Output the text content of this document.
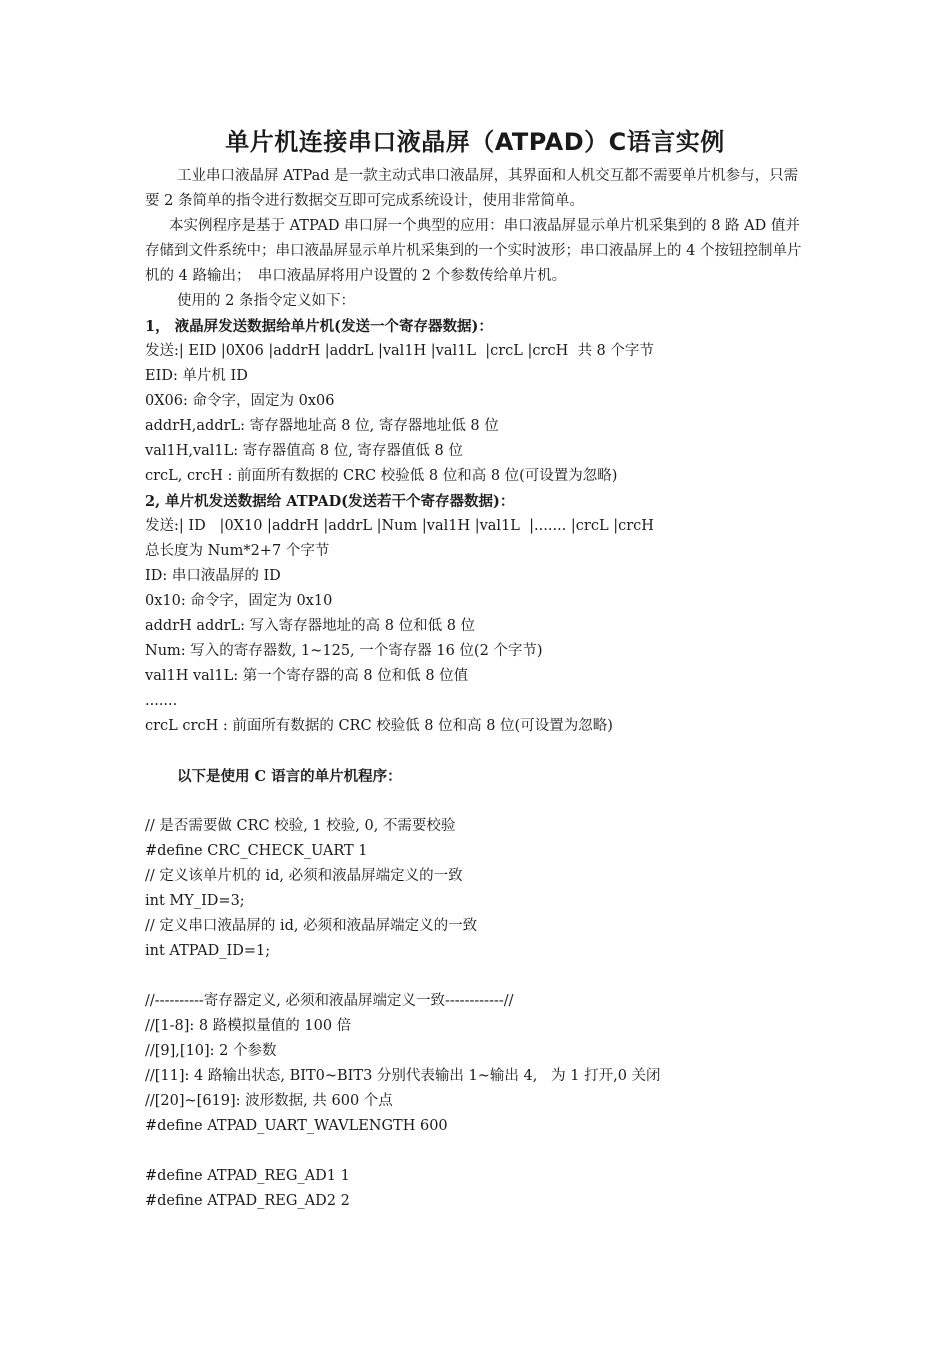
单片机连接串口液晶屏（ATPAD）C语言实例

工业串口液晶屏 ATPad 是一款主动式串口液晶屏，其界面和人机交互都不需要单片机参与，只需要 2 条简单的指令进行数据交互即可完成系统设计，使用非常简单。

本实例程序是基于 ATPAD 串口屏一个典型的应用：串口液晶屏显示单片机采集到的 8 路 AD 值并存储到文件系统中；串口液晶屏显示单片机采集到的一个实时波形；串口液晶屏上的 4 个按钮控制单片机的 4 路输出；　串口液晶屏将用户设置的 2 个参数传给单片机。

使用的 2 条指令定义如下：

1， 液晶屏发送数据给单片机(发送一个寄存器数据)：

发送:| EID |0X06 |addrH |addrL |val1H |val1L  |crcL |crcH  共 8 个字节

EID: 单片机 ID

0X06: 命令字，固定为 0x06

addrH,addrL: 寄存器地址高 8 位, 寄存器地址低 8 位

val1H,val1L: 寄存器值高 8 位, 寄存器值低 8 位

crcL, crcH : 前面所有数据的 CRC 校验低 8 位和高 8 位(可设置为忽略)

2, 单片机发送数据给 ATPAD(发送若干个寄存器数据)：

发送:| ID   |0X10 |addrH |addrL |Num |val1H |val1L  |....... |crcL |crcH

总长度为 Num*2+7 个字节

ID: 串口液晶屏的 ID

0x10: 命令字，固定为 0x10

addrH addrL: 写入寄存器地址的高 8 位和低 8 位

Num: 写入的寄存器数, 1~125, 一个寄存器 16 位(2 个字节)

val1H val1L: 第一个寄存器的高 8 位和低 8 位值

.......

crcL crcH : 前面所有数据的 CRC 校验低 8 位和高 8 位(可设置为忽略)

以下是使用 C 语言的单片机程序：

// 是否需要做 CRC 校验, 1 校验, 0, 不需要校验

#define CRC_CHECK_UART 1

// 定义该单片机的 id, 必须和液晶屏端定义的一致

int MY_ID=3;

// 定义串口液晶屏的 id, 必须和液晶屏端定义的一致

int ATPAD_ID=1;

//----------寄存器定义, 必须和液晶屏端定义一致------------//

//[1-8]: 8 路模拟量值的 100 倍

//[9],[10]: 2 个参数

//[11]: 4 路输出状态, BIT0~BIT3 分别代表输出 1~输出 4,   为 1 打开,0 关闭

//[20]~[619]: 波形数据, 共 600 个点

#define ATPAD_UART_WAVLENGTH 600

#define ATPAD_REG_AD1 1

#define ATPAD_REG_AD2 2
